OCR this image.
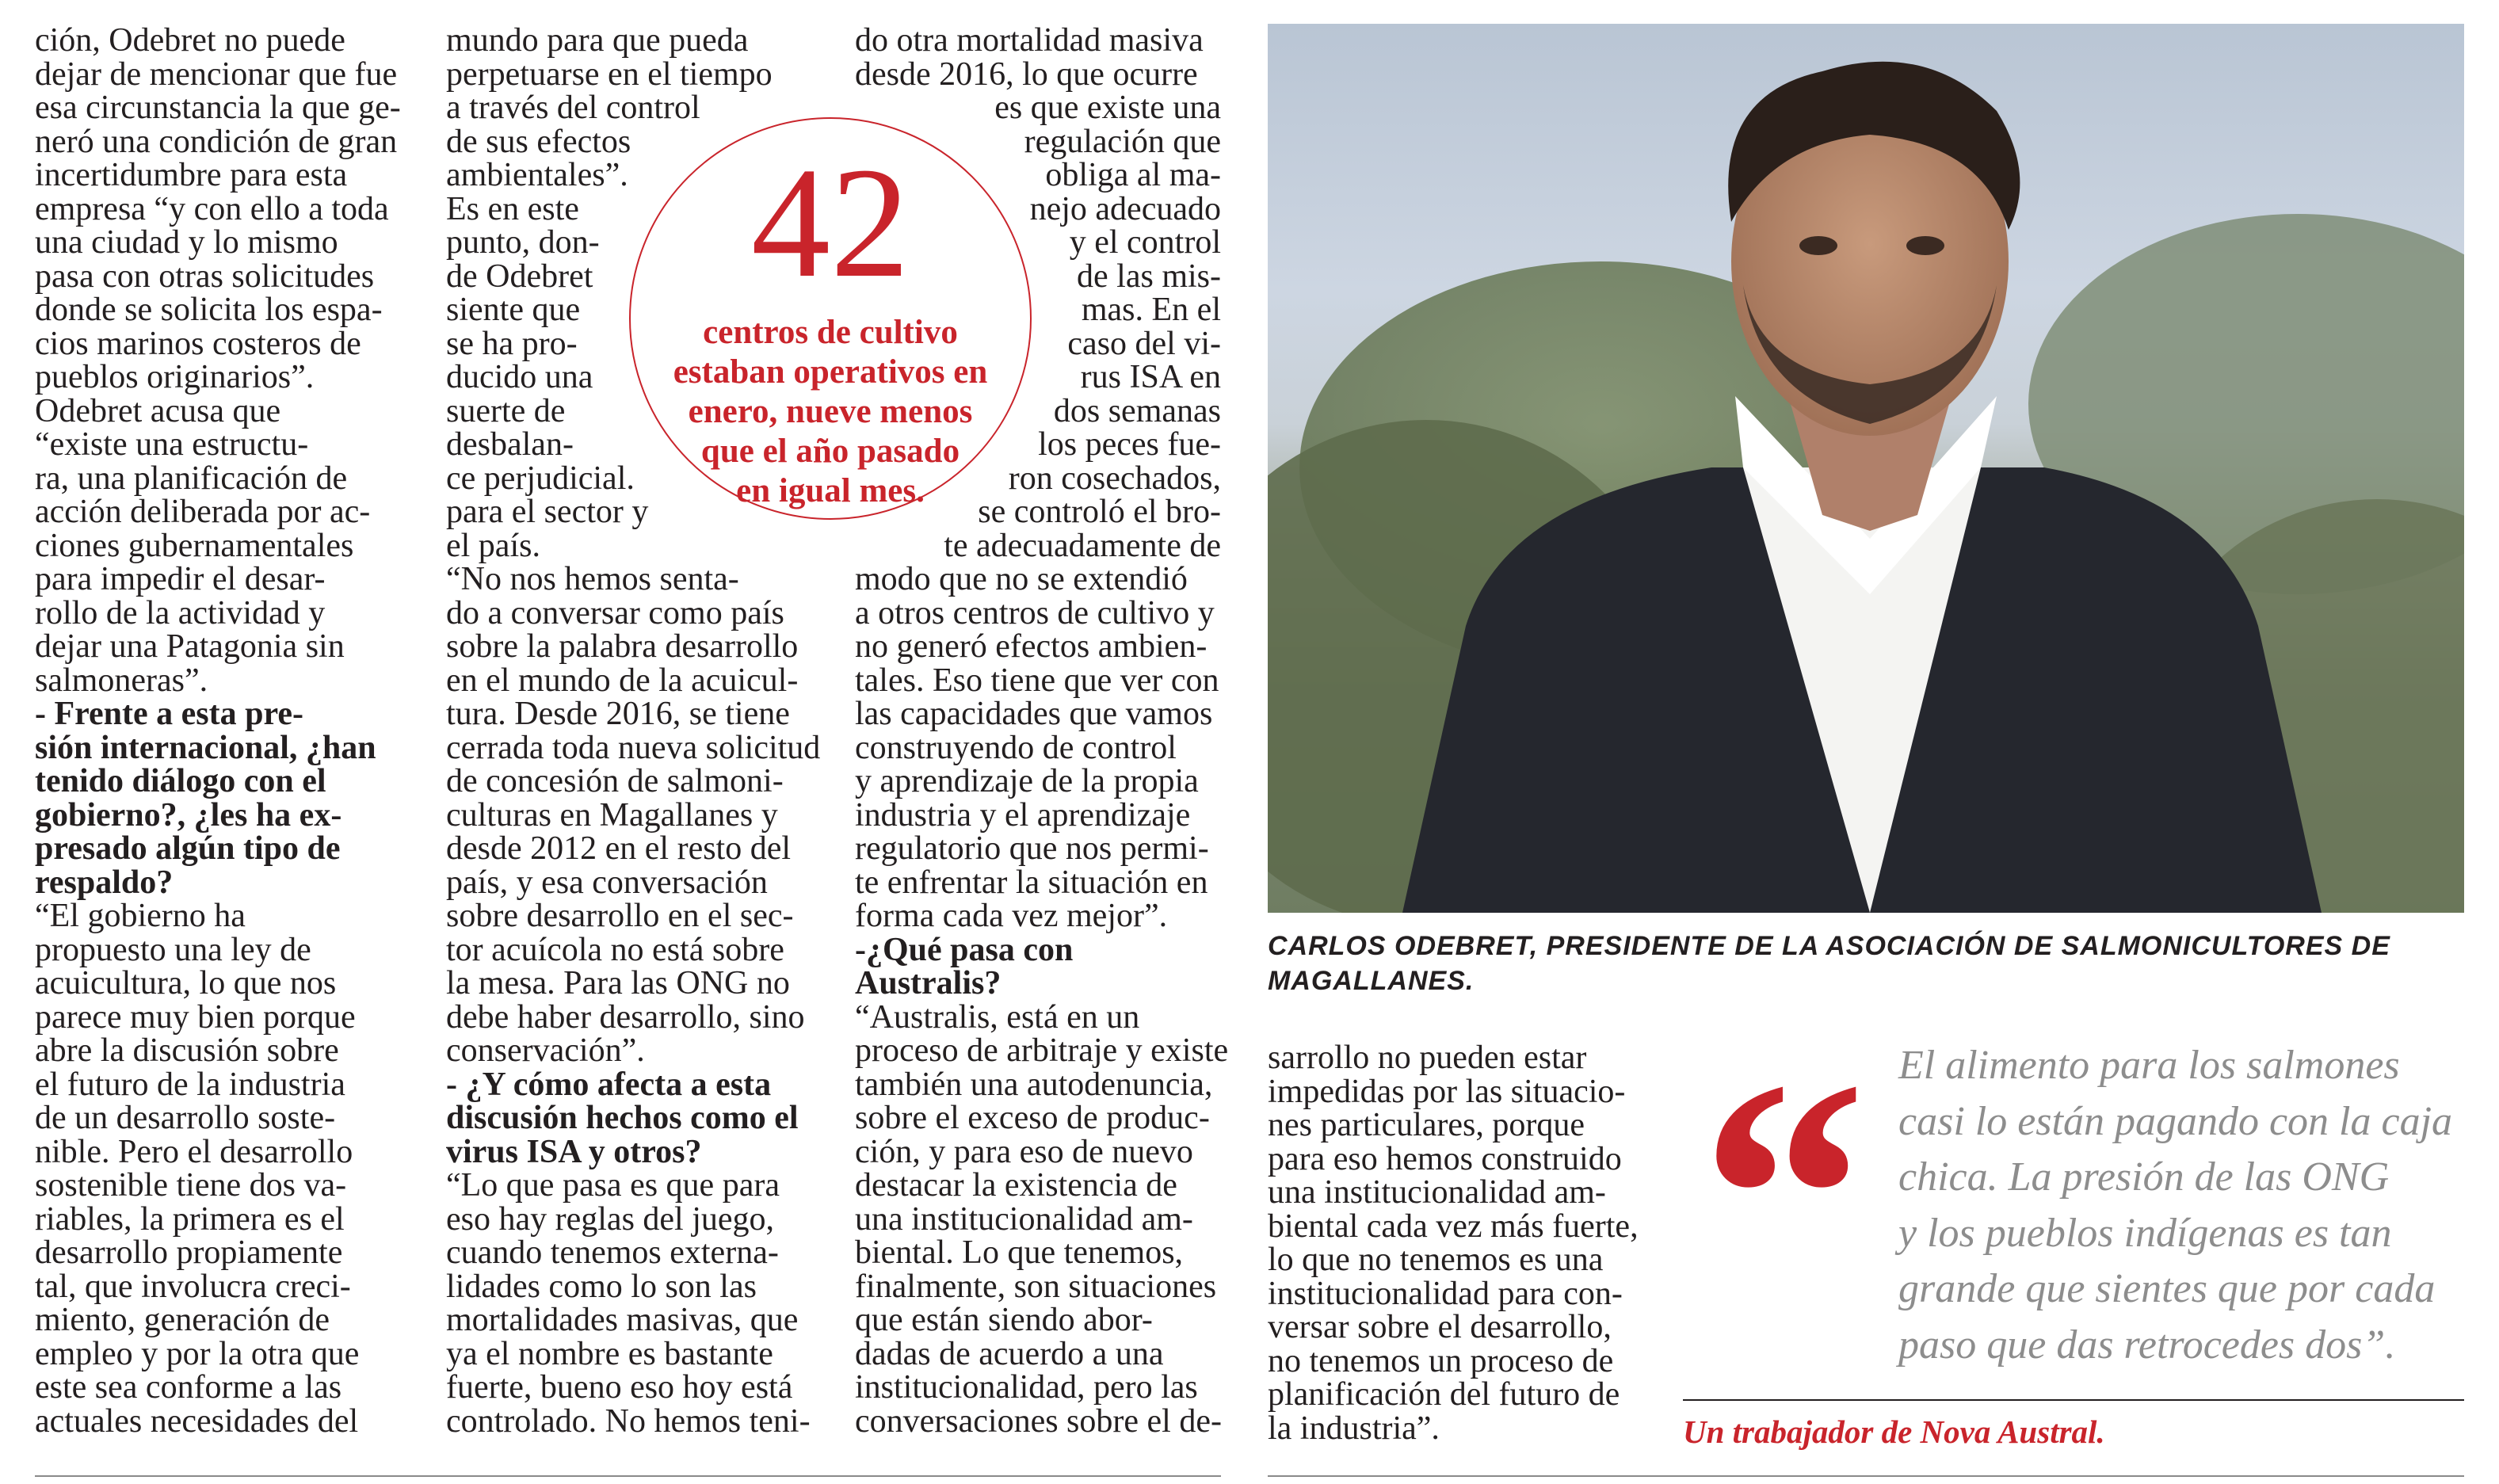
ción, Odebret no puede
dejar de mencionar que fue
esa circunstancia la que ge-
neró una condición de gran
incertidumbre para esta
empresa “y con ello a toda
una ciudad y lo mismo
pasa con otras solicitudes
donde se solicita los espa-
cios marinos costeros de
pueblos originarios”.
Odebret acusa que
“existe una estructu-
ra, una planificación de
acción deliberada por ac-
ciones gubernamentales
para impedir el desar-
rollo de la actividad y
dejar una Patagonia sin
salmoneras”.
- Frente a esta pre-
sión internacional, ¿han
tenido diálogo con el
gobierno?, ¿les ha ex-
presado algún tipo de
respaldo?
“El gobierno ha
propuesto una ley de
acuicultura, lo que nos
parece muy bien porque
abre la discusión sobre
el futuro de la industria
de un desarrollo soste-
nible. Pero el desarrollo
sostenible tiene dos va-
riables, la primera es el
desarrollo propiamente
tal, que involucra creci-
miento, generación de
empleo y por la otra que
este sea conforme a las
actuales necesidades del
mundo para que pueda
perpetuarse en el tiempo
a través del control
de sus efectos
ambientales”.
Es en este
punto, don-
de Odebret
siente que
se ha pro-
ducido una
suerte de
desbalan-
ce perjudicial.
para el sector y
el país.
“No nos hemos senta-
do a conversar como país
sobre la palabra desarrollo
en el mundo de la acuicul-
tura. Desde 2016, se tiene
cerrada toda nueva solicitud
de concesión de salmoni-
culturas en Magallanes y
desde 2012 en el resto del
país, y esa conversación
sobre desarrollo en el sec-
tor acuícola no está sobre
la mesa. Para las ONG no
debe haber desarrollo, sino
conservación”.
- ¿Y cómo afecta a esta
discusión hechos como el
virus ISA y otros?
“Lo que pasa es que para
eso hay reglas del juego,
cuando tenemos externa-
lidades como lo son las
mortalidades masivas, que
ya el nombre es bastante
fuerte, bueno eso hoy está
controlado. No hemos teni-
do otra mortalidad masiva
desde 2016, lo que ocurre
es que existe una
regulación que
obliga al ma-
nejo adecuado
y el control
de las mis-
mas. En el
caso del vi-
rus ISA en
dos semanas
los peces fue-
ron cosechados,
se controló el bro-
te adecuadamente de
modo que no se extendió
a otros centros de cultivo y
no generó efectos ambien-
tales. Eso tiene que ver con
las capacidades que vamos
construyendo de control
y aprendizaje de la propia
industria y el aprendizaje
regulatorio que nos permi-
te enfrentar la situación en
forma cada vez mejor”.
-¿Qué pasa con
Australis?
“Australis, está en un
proceso de arbitraje y existe
también una autodenuncia,
sobre el exceso de produc-
ción, y para eso de nuevo
destacar la existencia de
una institucionalidad am-
biental. Lo que tenemos,
finalmente, son situaciones
que están siendo abor-
dadas de acuerdo a una
institucionalidad, pero las
conversaciones sobre el de-
sarrollo no pueden estar
impedidas por las situacio-
nes particulares, porque
para eso hemos construido
una institucionalidad am-
biental cada vez más fuerte,
lo que no tenemos es una
institucionalidad para con-
versar sobre el desarrollo,
no tenemos un proceso de
planificación del futuro de
la industria”.
42
centros de cultivo
estaban operativos en
enero, nueve menos
que el año pasado
en igual mes.
CARLOS ODEBRET, PRESIDENTE DE LA ASOCIACIÓN DE SALMONICULTORES DE MAGALLANES.
“ El alimento para los salmones
casi lo están pagando con la caja
chica. La presión de las ONG
y los pueblos indígenas es tan
grande que sientes que por cada
paso que das retrocedes dos”.
Un trabajador de Nova Austral.
